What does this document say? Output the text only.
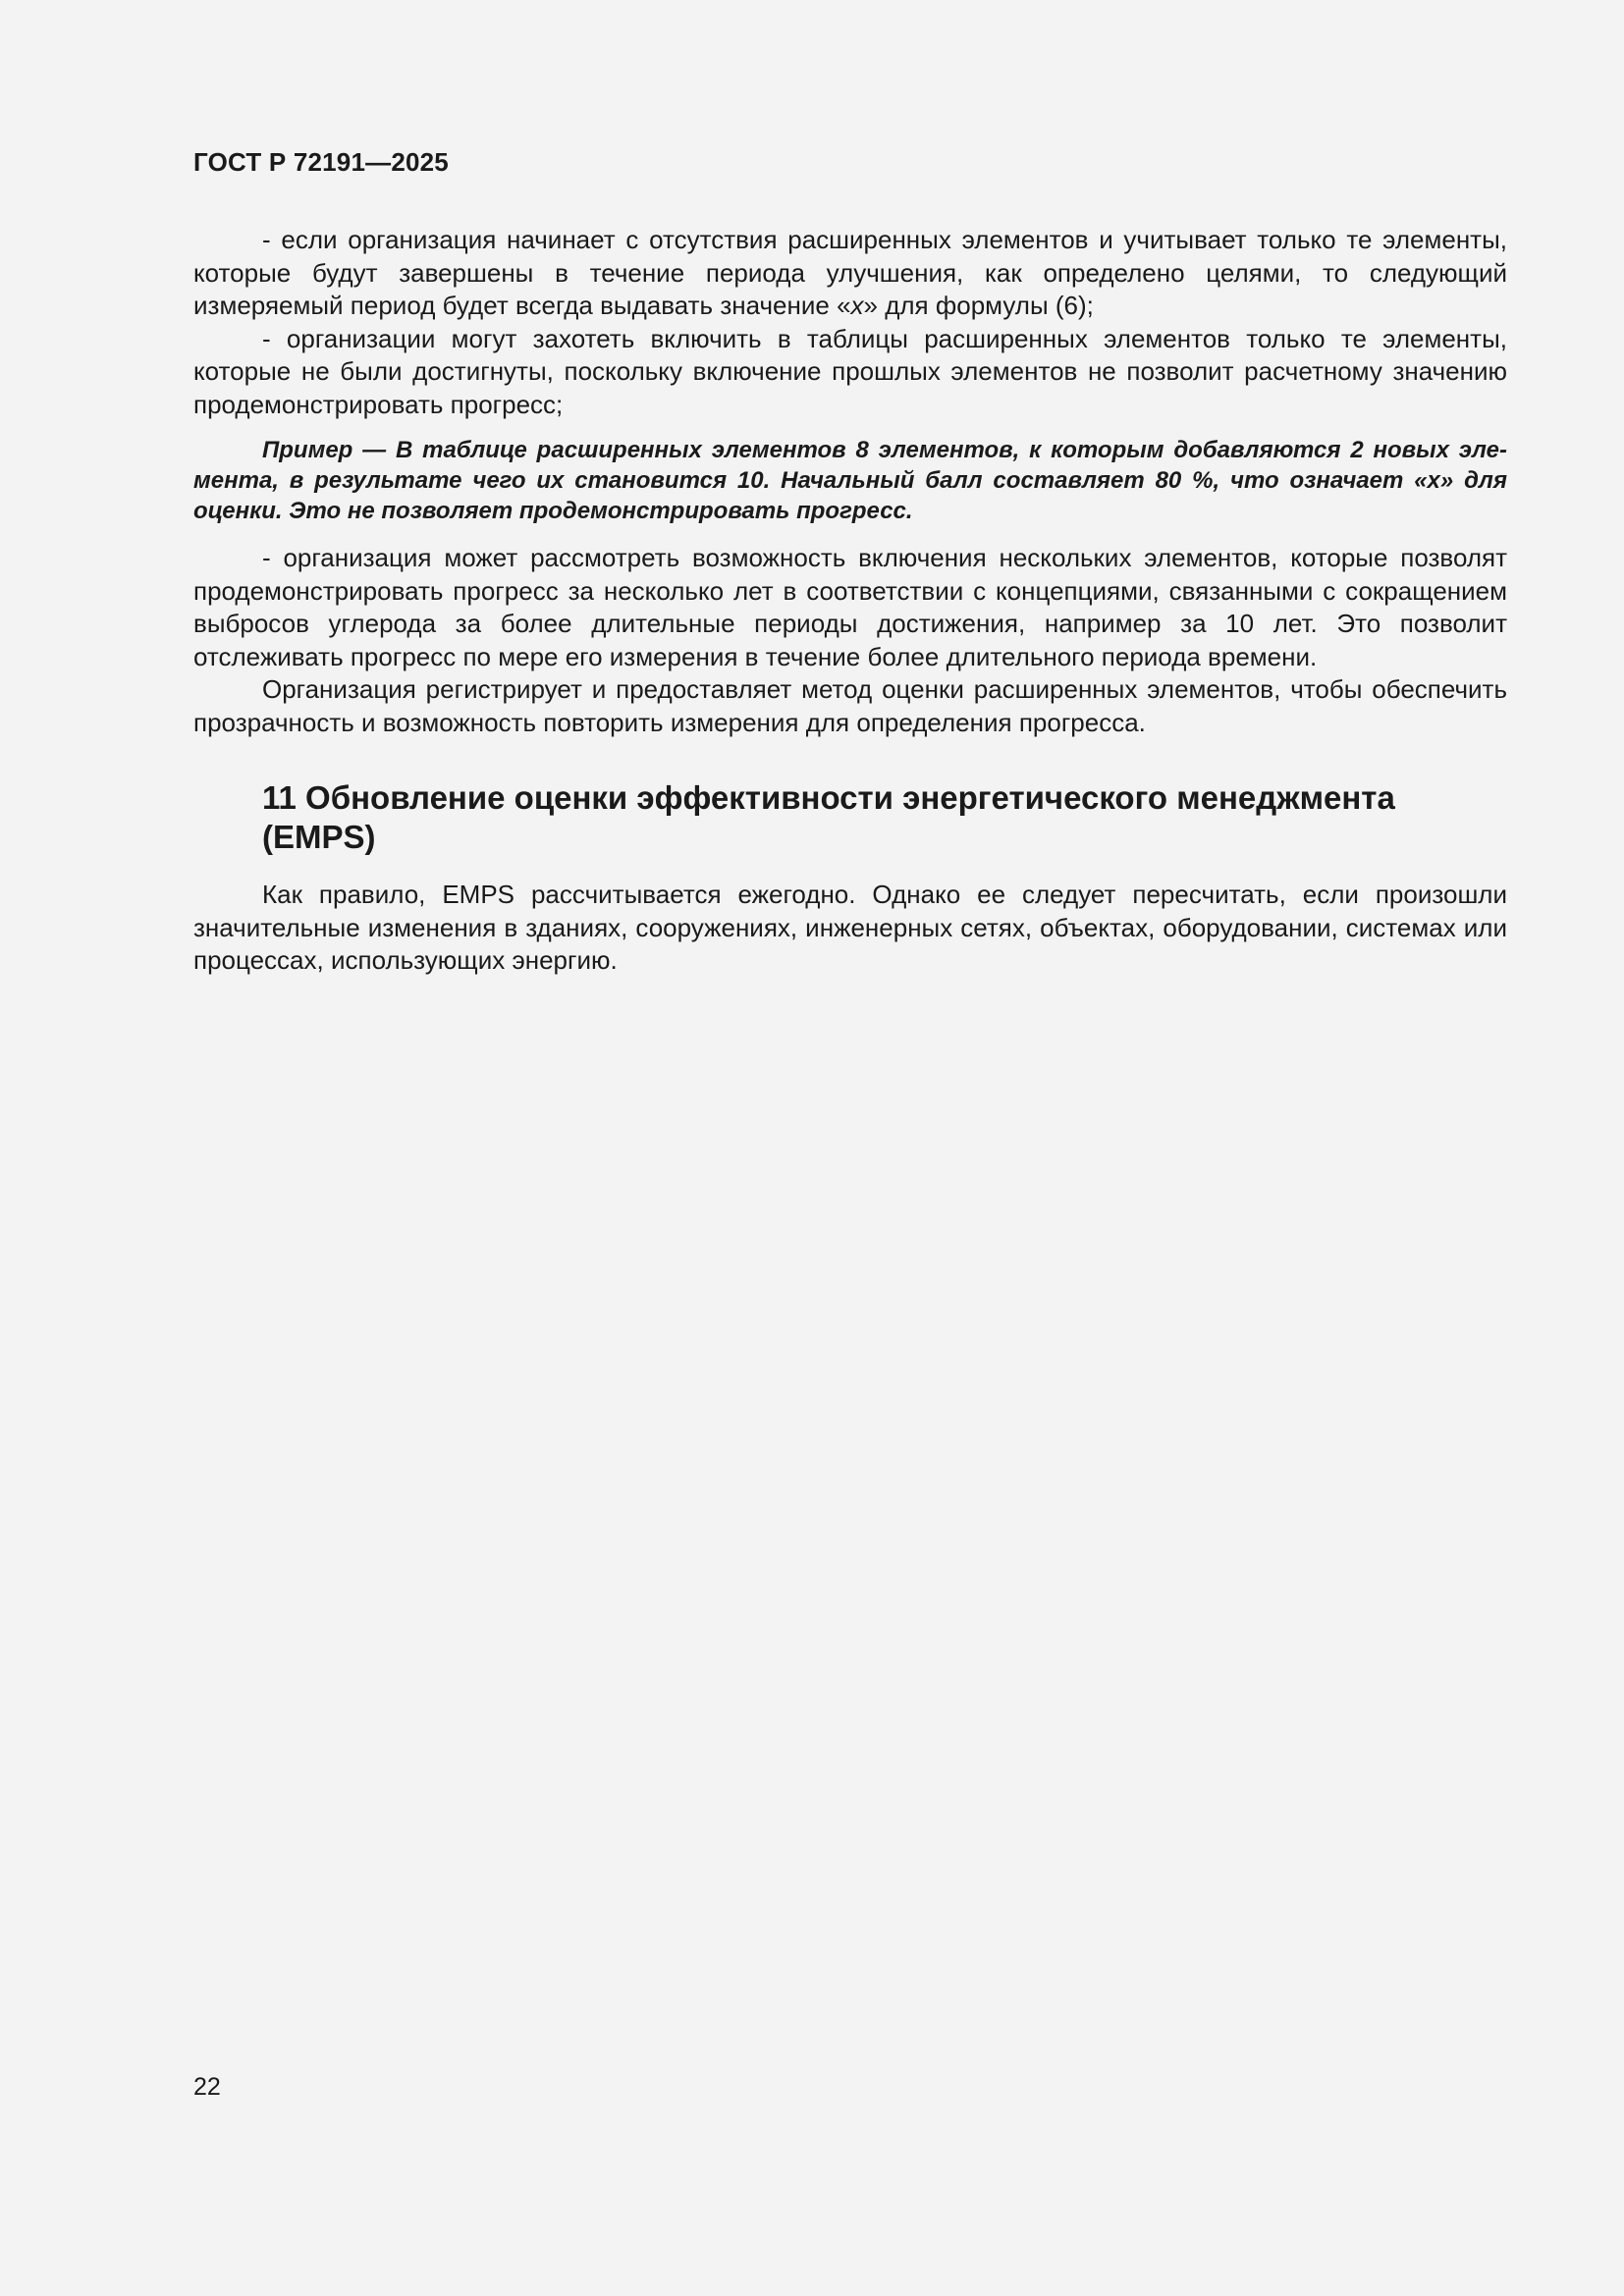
ГОСТ Р 72191—2025

- если организация начинает с отсутствия расширенных элементов и учитывает только те элементы, которые будут завершены в течение периода улучшения, как определено целями, то следующий измеряемый период будет всегда выдавать значение «x» для формулы (6);

- организации могут захотеть включить в таблицы расширенных элементов только те элементы, которые не были достигнуты, поскольку включение прошлых элементов не позволит расчетному значению продемонстрировать прогресс;

Пример — В таблице расширенных элементов 8 элементов, к которым добавляются 2 новых элемента, в результате чего их становится 10. Начальный балл составляет 80 %, что означает «х» для оценки. Это не позволяет продемонстрировать прогресс.

- организация может рассмотреть возможность включения нескольких элементов, которые позволят продемонстрировать прогресс за несколько лет в соответствии с концепциями, связанными с сокращением выбросов углерода за более длительные периоды достижения, например за 10 лет. Это позволит отслеживать прогресс по мере его измерения в течение более длительного периода времени.

Организация регистрирует и предоставляет метод оценки расширенных элементов, чтобы обеспечить прозрачность и возможность повторить измерения для определения прогресса.

11 Обновление оценки эффективности энергетического менеджмента (EMPS)

Как правило, EMPS рассчитывается ежегодно. Однако ее следует пересчитать, если произошли значительные изменения в зданиях, сооружениях, инженерных сетях, объектах, оборудовании, системах или процессах, использующих энергию.

22
